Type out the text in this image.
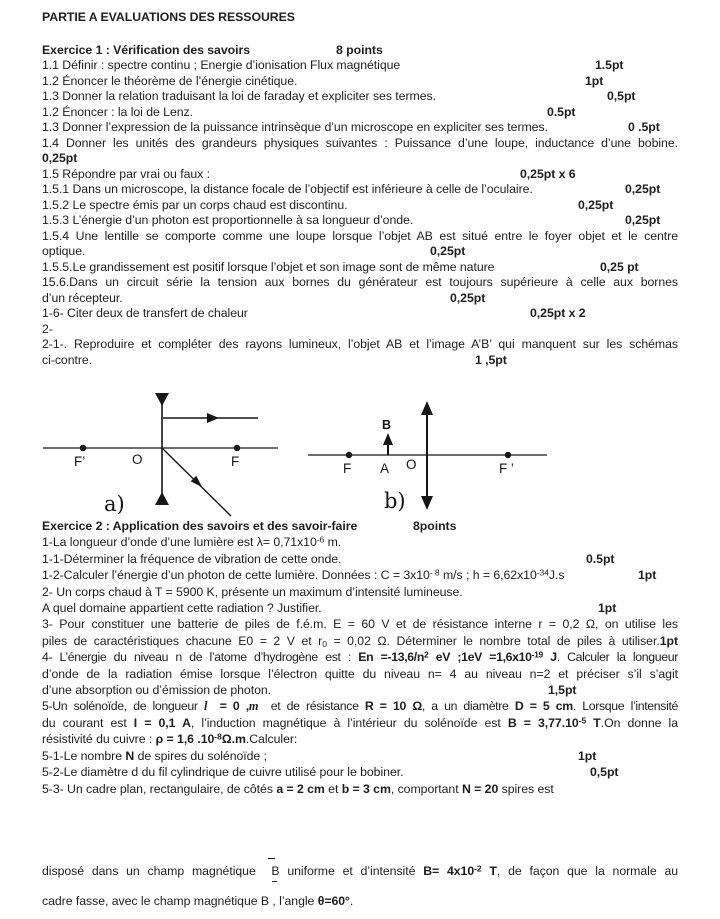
PARTIE A EVALUATIONS DES RESSOURES
Exercice 1 : Vérification des savoirs	8 points
1.1 Définir : spectre continu ; Energie d’ionisation Flux magnétique	1.5pt
1.2 Énoncer le théorème de l’énergie cinétique.	1pt
1.3 Donner la relation traduisant la loi de faraday et expliciter ses termes.	0,5pt
1.2 Énoncer : la loi de Lenz.	0.5pt
1.3 Donner l’expression de la puissance intrinsèque d’un microscope en expliciter ses termes.	0 .5pt
1.4 Donner les unités des grandeurs physiques suivantes : Puissance d’une loupe, inductance d’une bobine.
0,25pt
1.5 Répondre par vrai ou faux :	0,25pt x 6
1.5.1 Dans un microscope, la distance focale de l’objectif est inférieure à celle de l’oculaire.	0,25pt
1.5.2 Le spectre émis par un corps chaud est discontinu.	0,25pt
1.5.3 L’énergie d’un photon est proportionnelle à sa longueur d’onde.	0,25pt
1.5.4 Une lentille se comporte comme une loupe lorsque l’objet AB est situé entre le foyer objet et le centre
optique.	0,25pt
1.5.5.Le grandissement est positif lorsque l’objet et son image sont de même nature	0,25 pt
15.6.Dans un circuit série la tension aux bornes du générateur est toujours supérieure à celle aux bornes
d’un récepteur.	0,25pt
1-6- Citer deux de transfert de chaleur	0,25pt x 2
2-
2-1-. Reproduire et compléter des rayons lumineux, l’objet AB et l’image A’B’ qui manquent sur les schémas
ci-contre.	1 ,5pt
F’	O	F
a)
F A
B
O	F ’
b)
Exercice 2 : Application des savoirs et des savoir-faire	8points
1-La longueur d’onde d’une lumière est $\lambda= 0,71x10^{-6}$ m.
1-1-Déterminer la fréquence de vibration de cette onde.	0.5pt
1-2-Calculer l’énergie d’un photon de cette lumière. Données : $C = 3x10^{- 8}$ m/s ; $h = 6,62x10^{-34}J.s$	1pt
2- Un corps chaud à T = 5900 K, présente un maximum d’intensité lumineuse.
A quel domaine appartient cette radiation ? Justifier.	1pt
3- Pour constituer une batterie de piles de f.é.m. E = 60 V et de résistance interne r = 0,2 Ω, on utilise les
piles de caractéristiques chacune E0 = 2 V et $r_0 = 0,02$ Ω. Déterminer le nombre total de piles à utiliser.1pt
4- L’énergie du niveau n de l’atome d’hydrogène est : $En =-13,6/n^2$ eV ;1eV $=1,6x10^{-19}$ J. Calculer la longueur
d’onde de la radiation émise lorsque l’électron quitte du niveau n= 4 au niveau n=2 et préciser s’il s’agit
d’une absorption ou d’émission de photon.	1,5pt
5-Un solénoïde, de longueur l  = 0 ,m  et de résistance R = 10 Ω, a un diamètre D = 5 cm. Lorsque l’intensité
du courant est I = 0,1 A, l’induction magnétique à l’intérieur du solénoïde est $B = 3,77.10^{-5}$ T.On donne la
résistivité du cuivre : ρ = 1,6 $.10^{-8}\Omega.m.Calculer$:
5-1-Le nombre N de spires du solénoïde ;	1pt
5-2-Le diamètre d du fil cylindrique de cuivre utilisé pour le bobiner.	0,5pt
5-3- Un cadre plan, rectangulaire, de côtés a = 2 cm et b = 3 cm, comportant N = 20 spires est
disposé dans un champ magnétique  B uniforme et d’intensité $B= 4x10^{-2}$ T, de façon que la normale au
cadre fasse, avec le champ magnétique B , l’angle θ=60°.
